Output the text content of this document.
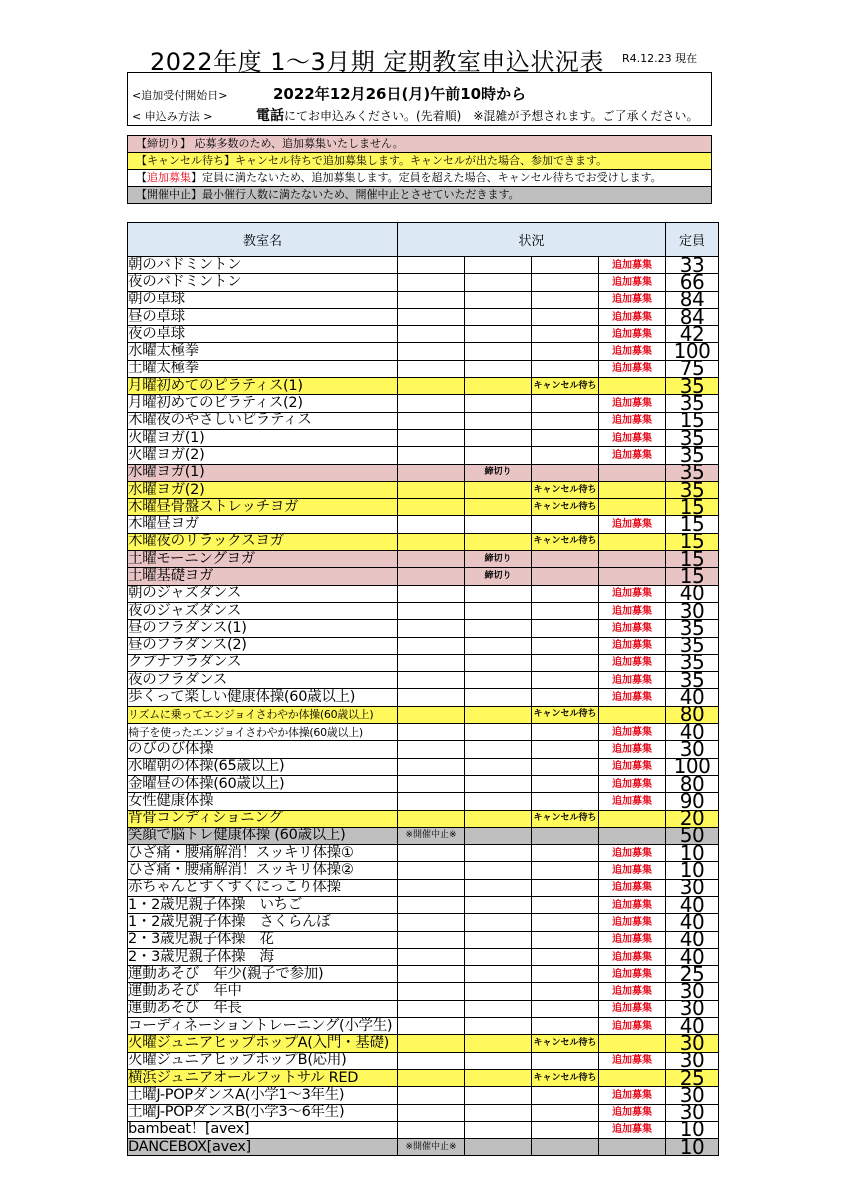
2022年度 1～3月期 定期教室申込状況表 R4.12.23 現在
<追加受付開始日>	2022年12月26日(月)午前10時から
< 申込み方法 >	電話にてお申込みください。(先着順)　※混雑が予想されます。ご了承ください。
【締切り】 応募多数のため、追加募集いたしません。
【キャンセル待ち】キャンセル待ちで追加募集します。キャンセルが出た場合、参加できます。
【追加募集】定員に満たないため、追加募集します。定員を超えた場合、キャンセル待ちでお受けします。
【開催中止】最小催行人数に満たないため、開催中止とさせていただきます。
教室名	状況				定員
朝のバドミントン				追加募集	33
夜のバドミントン				追加募集	66
朝の卓球				追加募集	84
昼の卓球				追加募集	84
夜の卓球				追加募集	42
水曜太極拳				追加募集	100
土曜太極拳				追加募集	75
月曜初めてのピラティス(1)			キャンセル待ち		35
月曜初めてのピラティス(2)				追加募集	35
木曜夜のやさしいピラティス				追加募集	15
火曜ヨガ(1)				追加募集	35
火曜ヨガ(2)				追加募集	35
水曜ヨガ(1)		締切り			35
水曜ヨガ(2)			キャンセル待ち		35
木曜昼骨盤ストレッチヨガ			キャンセル待ち		15
木曜昼ヨガ				追加募集	15
木曜夜のリラックスヨガ			キャンセル待ち		15
土曜モーニングヨガ		締切り			15
土曜基礎ヨガ		締切り			15
朝のジャズダンス				追加募集	40
夜のジャズダンス				追加募集	30
昼のフラダンス(1)				追加募集	35
昼のフラダンス(2)				追加募集	35
クプナフラダンス				追加募集	35
夜のフラダンス				追加募集	35
歩くって楽しい健康体操(60歳以上)				追加募集	40
リズムに乗ってエンジョイさわやか体操(60歳以上)			キャンセル待ち		80
椅子を使ったエンジョイさわやか体操(60歳以上)				追加募集	40
のびのび体操				追加募集	30
水曜朝の体操(65歳以上)				追加募集	100
金曜昼の体操(60歳以上)				追加募集	80
女性健康体操				追加募集	90
背骨コンディショニング			キャンセル待ち		20
笑顔で脳トレ健康体操 (60歳以上)	※開催中止※				50
ひざ痛・腰痛解消！スッキリ体操①				追加募集	10
ひざ痛・腰痛解消！スッキリ体操②				追加募集	10
赤ちゃんとすくすくにっこり体操				追加募集	30
1・2歳児親子体操　いちご				追加募集	40
1・2歳児親子体操　さくらんぼ				追加募集	40
2・3歳児親子体操　花				追加募集	40
2・3歳児親子体操　海				追加募集	40
運動あそび　年少(親子で参加)				追加募集	25
運動あそび　年中				追加募集	30
運動あそび　年長				追加募集	30
コーディネーショントレーニング(小学生)				追加募集	40
火曜ジュニアヒップホップA(入門・基礎)			キャンセル待ち		30
火曜ジュニアヒップホップB(応用)				追加募集	30
横浜ジュニアオールフットサル RED			キャンセル待ち		25
土曜J-POPダンスA(小学1～3年生)				追加募集	30
土曜J-POPダンスB(小学3～6年生)				追加募集	30
bambeat！[avex]				追加募集	10
DANCEBOX[avex]	※開催中止※				10
